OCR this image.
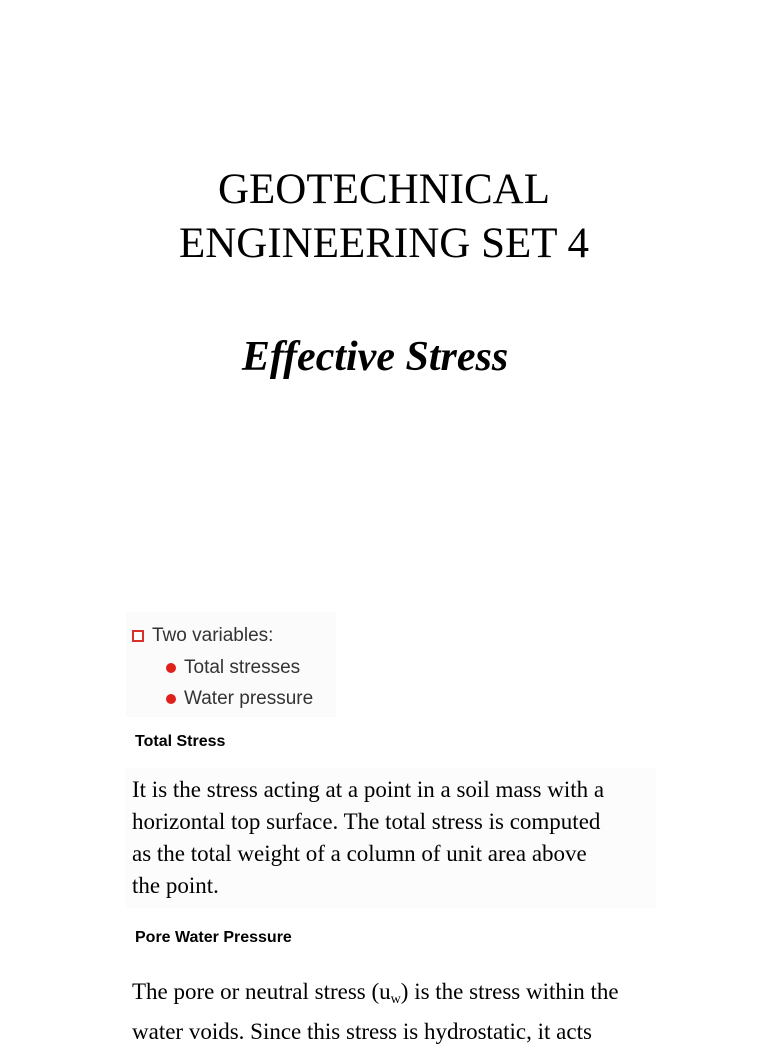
GEOTECHNICAL
ENGINEERING SET 4
Effective Stress
Two variables:
Total stresses
Water pressure
Total Stress

It is the stress acting at a point in a soil mass with a
horizontal top surface. The total stress is computed
as the total weight of a column of unit area above
the point.

Pore Water Pressure

The pore or neutral stress $(u_w)$ is the stress within the
water voids. Since this stress is hydrostatic, it acts
